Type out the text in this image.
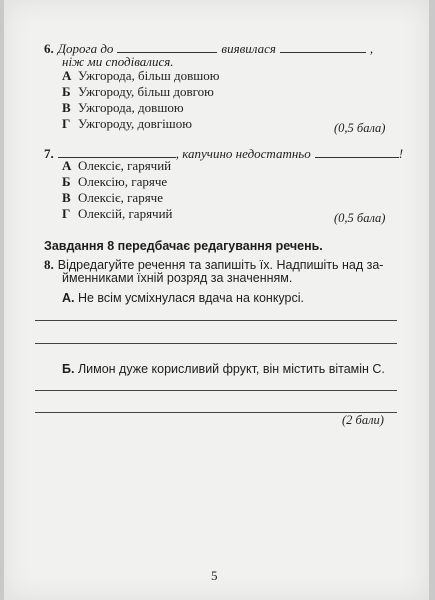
6. Дорога до	виявилася	,
ніж ми сподівалися.
А Ужгорода, більш довшою
Б Ужгороду, більш довгою
В Ужгорода, довшою
Г Ужгороду, довгішою	(0,5 бала)
7.	, капучино недостатньо	!
А Олексіє, гарячий
Б Олексію, гаряче
В Олексіє, гаряче
Г Олексій, гарячий	(0,5 бала)
Завдання 8 передбачає редагування речень.
8. Відредагуйте речення та запишіть їх. Надпишіть над за-
йменниками їхній розряд за значенням.
А. Не всім усміхнулася вдача на конкурсі.
Б. Лимон дуже корисливий фрукт, він містить вітамін С.
(2 бали)
5
